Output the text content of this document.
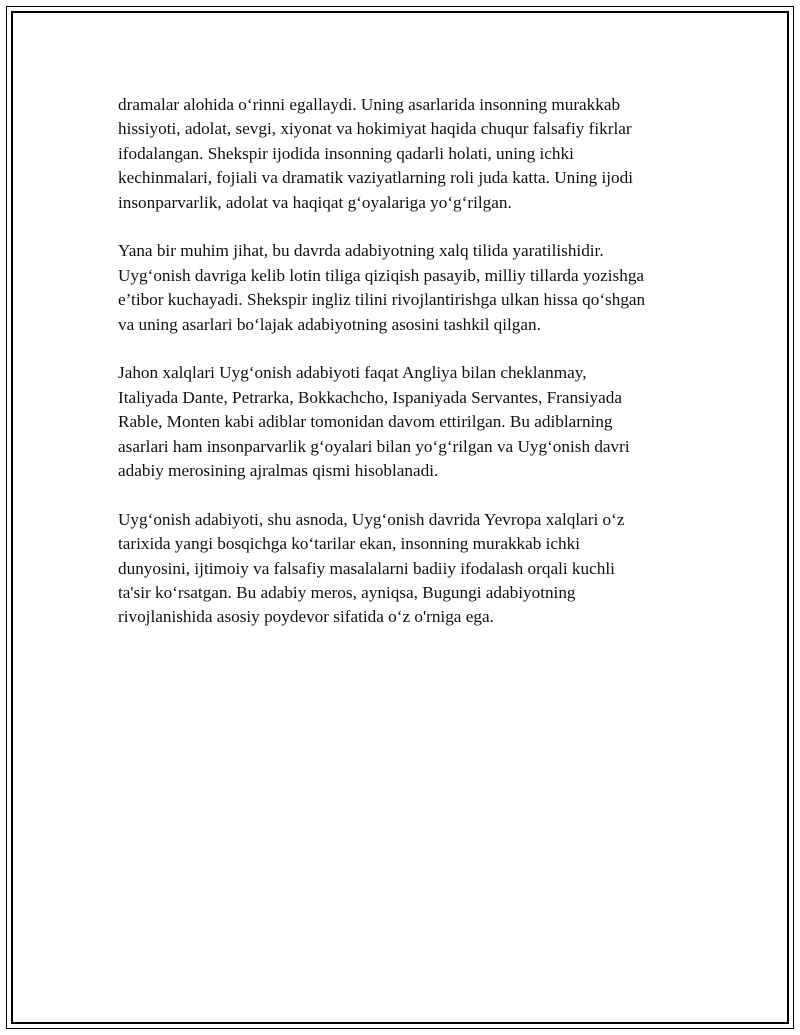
dramalar alohida o‘rinni egallaydi. Uning asarlarida insonning murakkab
hissiyoti, adolat, sevgi, xiyonat va hokimiyat haqida chuqur falsafiy fikrlar
ifodalangan. Shekspir ijodida insonning qadarli holati, uning ichki
kechinmalari, fojiali va dramatik vaziyatlarning roli juda katta. Uning ijodi
insonparvarlik, adolat va haqiqat g‘oyalariga yo‘g‘rilgan.

Yana bir muhim jihat, bu davrda adabiyotning xalq tilida yaratilishidir.
Uyg‘onish davriga kelib lotin tiliga qiziqish pasayib, milliy tillarda yozishga
e’tibor kuchayadi. Shekspir ingliz tilini rivojlantirishga ulkan hissa qo‘shgan
va uning asarlari bo‘lajak adabiyotning asosini tashkil qilgan.

Jahon xalqlari Uyg‘onish adabiyoti faqat Angliya bilan cheklanmay,
Italiyada Dante, Petrarka, Bokkachcho, Ispaniyada Servantes, Fransiyada
Rable, Monten kabi adiblar tomonidan davom ettirilgan. Bu adiblarning
asarlari ham insonparvarlik g‘oyalari bilan yo‘g‘rilgan va Uyg‘onish davri
adabiy merosining ajralmas qismi hisoblanadi.

Uyg‘onish adabiyoti, shu asnoda, Uyg‘onish davrida Yevropa xalqlari o‘z
tarixida yangi bosqichga ko‘tarilar ekan, insonning murakkab ichki
dunyosini, ijtimoiy va falsafiy masalalarni badiiy ifodalash orqali kuchli
ta'sir ko‘rsatgan. Bu adabiy meros, ayniqsa, Bugungi adabiyotning
rivojlanishida asosiy poydevor sifatida o‘z o'rniga ega.
